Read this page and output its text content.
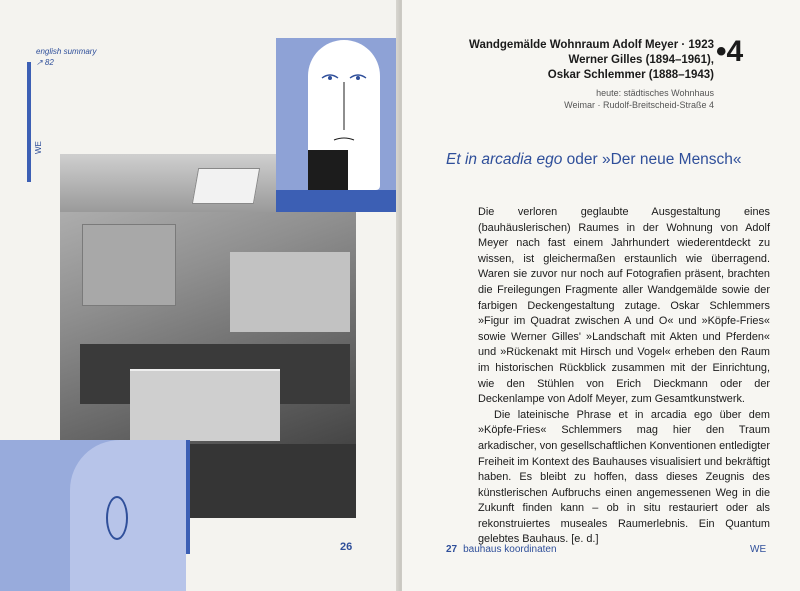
english summary
↗ 82
WE
26
Wandgemälde Wohnraum Adolf Meyer · 1923
Werner Gilles (1894–1961),
Oskar Schlemmer (1888–1943)
heute: städtisches Wohnhaus
Weimar · Rudolf-Breitscheid-Straße 4
•4
Et in arcadia ego oder »Der neue Mensch«

Die verloren geglaubte Ausgestaltung eines (bauhäuslerischen) Raumes in der Wohnung von Adolf Meyer nach fast einem Jahrhundert wiederentdeckt zu wissen, ist gleichermaßen erstaunlich wie überragend. Waren sie zuvor nur noch auf Fotografien präsent, brachten die Freilegungen Fragmente aller Wandgemälde sowie der farbigen Deckengestaltung zutage. Oskar Schlemmers »Figur im Quadrat zwischen A und O« und »Köpfe-Fries« sowie Werner Gilles' »Landschaft mit Akten und Pferden« und »Rückenakt mit Hirsch und Vogel« erheben den Raum im historischen Rückblick zusammen mit der Einrichtung, wie den Stühlen von Erich Dieckmann oder der Deckenlampe von Adolf Meyer, zum Gesamtkunstwerk.

Die lateinische Phrase et in arcadia ego über dem »Köpfe-Fries« Schlemmers mag hier den Traum arkadischer, von gesellschaftlichen Konventionen entledigter Freiheit im Kontext des Bauhauses visualisiert und bekräftigt haben. Es bleibt zu hoffen, dass dieses Zeugnis des künstlerischen Aufbruchs einen angemessenen Weg in die Zukunft finden kann – ob in situ restauriert oder als rekonstruiertes museales Raumerlebnis. Ein Quantum gelebtes Bauhaus. [e. d.]

27 bauhaus koordinaten	WE
